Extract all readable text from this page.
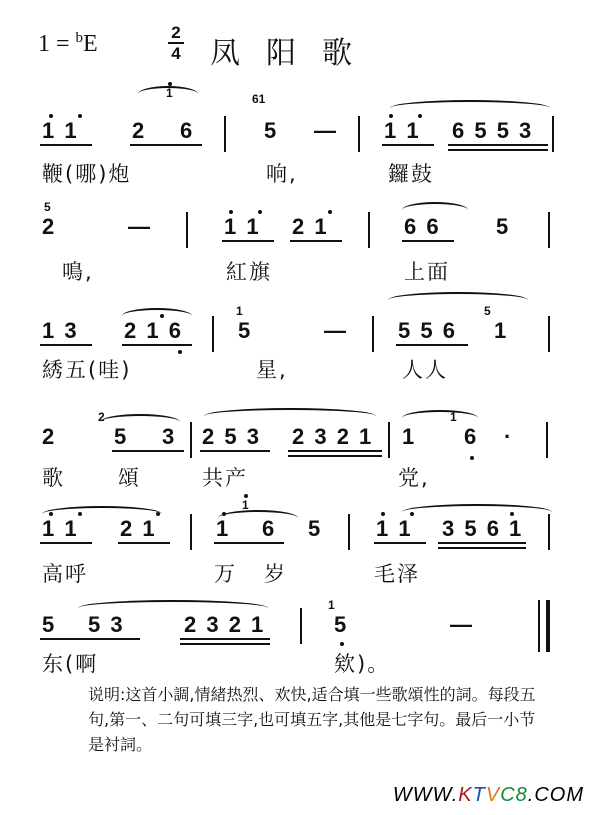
1 = $^b$E	2
4 凤阳歌
1	61
1 1 2 6	5 — 1 1 6 5 5 3
鞭(哪)炮	响,	鑼鼓
5
2	—	1 1 2 1	6 6	5
鳴,	紅旗	上面
1 3 2 1 6
1
5	— 5 5 6
5
1
綉五(哇)	星,	人人
2
2
5 3 2 5 3 2 3 2 1 1
1
6 ·
歌	頌	共产	党,
1 1 2 1
1
1 6 5 1 1 3 5 6 1
高呼	万 岁	毛泽
5 5 3	2 3 2 1
1
5	—
东(啊	欸)。
说明:这首小調,情緒热烈、欢快,适合填一些歌頌性的詞。每段五句,第一、二句可填三字,也可填五字,其他是七字句。最后一小节是衬詞。
WWW.KTVC8.COM
